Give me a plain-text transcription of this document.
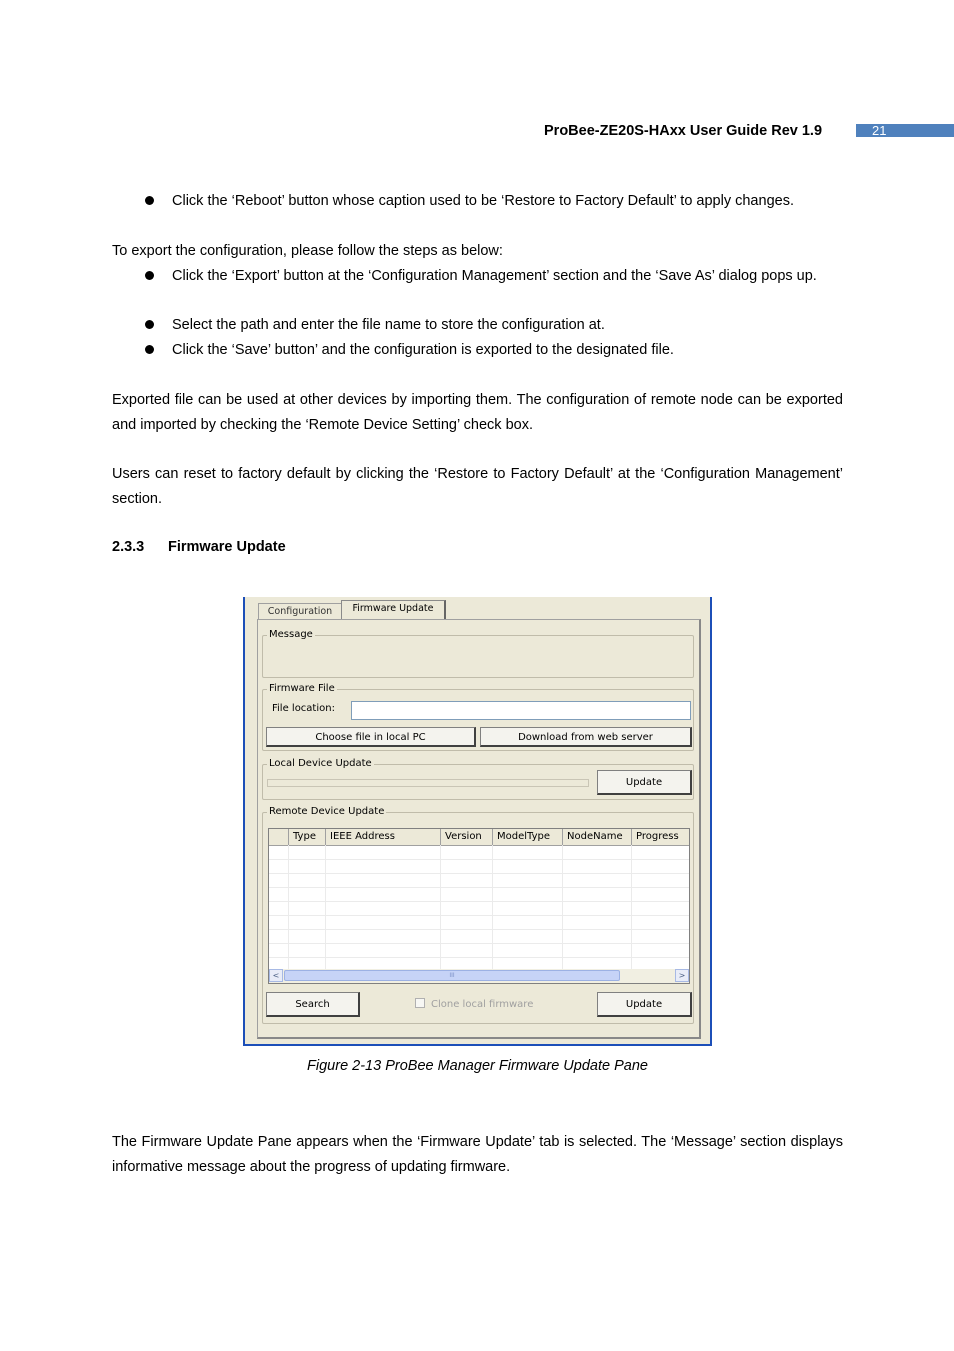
ProBee-ZE20S-HAxx User Guide Rev 1.9	21
Click the ‘Reboot’ button whose caption used to be ‘Restore to Factory Default’ to apply changes.
To export the configuration, please follow the steps as below:
Click the ‘Export’ button at the ‘Configuration Management’ section and the ‘Save As’ dialog pops up.
Select the path and enter the file name to store the configuration at.
Click the ‘Save’ button’ and the configuration is exported to the designated file.
Exported file can be used at other devices by importing them. The configuration of remote node can be exported and imported by checking the ‘Remote Device Setting’ check box.
Users can reset to factory default by clicking the ‘Restore to Factory Default’ at the ‘Configuration Management’ section.
2.3.3 Firmware Update
Configuration	Firmware Update
Message
Firmware File
File location:
Choose file in local PC	Download from web server
Local Device Update
Update
Remote Device Update
Type	IEEE Address	Version	ModelType	NodeName	Progress
<	III	>
Search	Clone local firmware	Update
Figure 2-13 ProBee Manager Firmware Update Pane
The Firmware Update Pane appears when the ‘Firmware Update’ tab is selected. The ‘Message’ section displays informative message about the progress of updating firmware.
